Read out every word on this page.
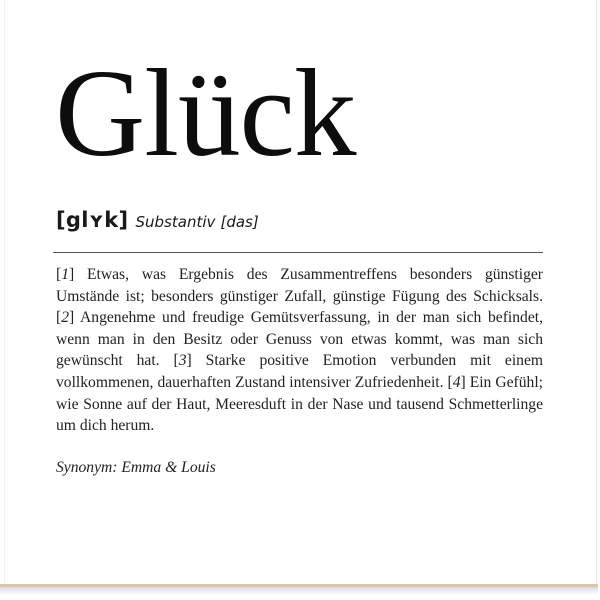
Glück
[glʏk] Substantiv [das]

[1] Etwas, was Ergebnis des Zusammentreffens besonders günstiger Umstände ist; besonders günstiger Zufall, günstige Fügung des Schicksals. [2] Angenehme und freudige Gemütsverfassung, in der man sich befindet, wenn man in den Besitz oder Genuss von etwas kommt, was man sich gewünscht hat. [3] Starke positive Emotion verbunden mit einem vollkommenen, dauerhaften Zustand intensiver Zufriedenheit. [4] Ein Gefühl; wie Sonne auf der Haut, Meeresduft in der Nase und tausend Schmetterlinge um dich herum.

Synonym: Emma & Louis
